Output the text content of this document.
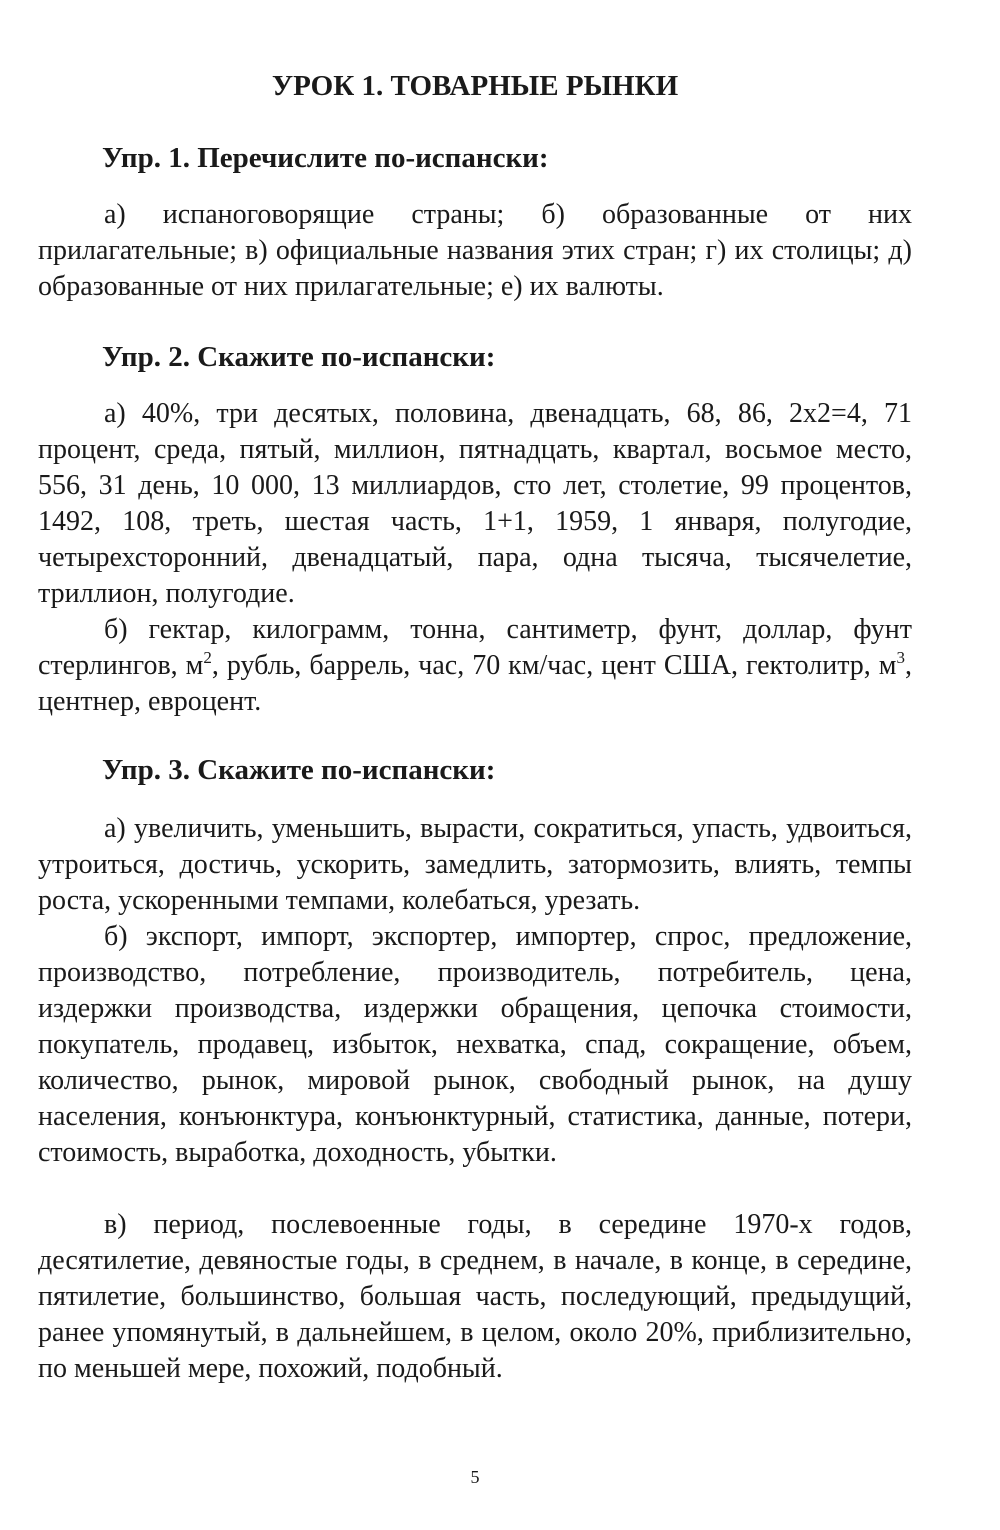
УРОК 1. ТОВАРНЫЕ РЫНКИ
Упр. 1. Перечислите по-испански:

а) испаноговорящие страны; б) образованные от них прилагательные; в) официальные названия этих стран; г) их столицы; д) образованные от них прилагательные; е) их валюты.

Упр. 2. Скажите по-испански:

а) 40%, три десятых, половина, двенадцать, 68, 86, 2x2=4, 71 процент, среда, пятый, миллион, пятнадцать, квартал, восьмое место, 556, 31 день, 10 000, 13 миллиардов, сто лет, столетие, 99 процентов, 1492, 108, треть, шестая часть, 1+1, 1959, 1 января, полугодие, четырехсторонний, двенадцатый, пара, одна тысяча, тысячелетие, триллион, полугодие.

б) гектар, килограмм, тонна, сантиметр, фунт, доллар, фунт стерлингов, $м^2$, рубль, баррель, час, 70 км/час, цент США, гектолитр, $м^3$, центнер, евроцент.

Упр. 3. Скажите по-испански:

а) увеличить, уменьшить, вырасти, сократиться, упасть, удвоиться, утроиться, достичь, ускорить, замедлить, затормозить, влиять, темпы роста, ускоренными темпами, колебаться, урезать.

б) экспорт, импорт, экспортер, импортер, спрос, предложение, производство, потребление, производитель, потребитель, цена, издержки производства, издержки обращения, цепочка стоимости, покупатель, продавец, избыток, нехватка, спад, сокращение, объем, количество, рынок, мировой рынок, свободный рынок, на душу населения, конъюнктура, конъюнктурный, статистика, данные, потери, стоимость, выработка, доходность, убытки.

в) период, послевоенные годы, в середине 1970-х годов, десятилетие, девяностые годы, в среднем, в начале, в конце, в середине, пятилетие, большинство, большая часть, последующий, предыдущий, ранее упомянутый, в дальнейшем, в целом, около 20%, приблизительно, по меньшей мере, похожий, подобный.

5
